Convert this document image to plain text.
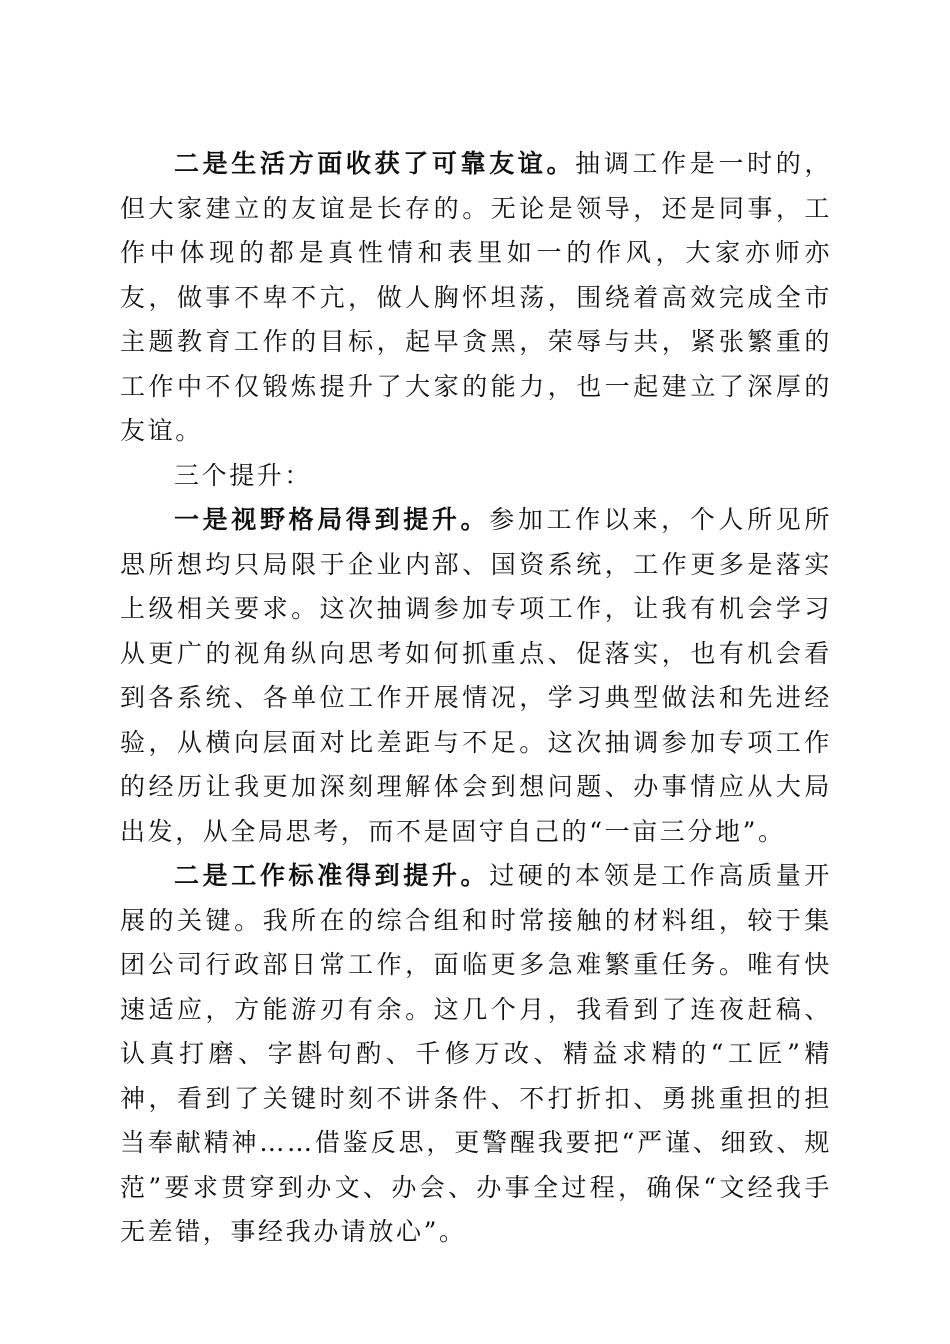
二是生活方面收获了可靠友谊。抽调工作是一时的，但大家建立的友谊是长存的。无论是领导，还是同事，工作中体现的都是真性情和表里如一的作风，大家亦师亦友，做事不卑不亢，做人胸怀坦荡，围绕着高效完成全市主题教育工作的目标，起早贪黑，荣辱与共，紧张繁重的工作中不仅锻炼提升了大家的能力，也一起建立了深厚的友谊。

三个提升：

一是视野格局得到提升。参加工作以来，个人所见所思所想均只局限于企业内部、国资系统，工作更多是落实上级相关要求。这次抽调参加专项工作，让我有机会学习从更广的视角纵向思考如何抓重点、促落实，也有机会看到各系统、各单位工作开展情况，学习典型做法和先进经验，从横向层面对比差距与不足。这次抽调参加专项工作的经历让我更加深刻理解体会到想问题、办事情应从大局出发，从全局思考，而不是固守自己的“一亩三分地”。

二是工作标准得到提升。过硬的本领是工作高质量开展的关键。我所在的综合组和时常接触的材料组，较于集团公司行政部日常工作，面临更多急难繁重任务。唯有快速适应，方能游刃有余。这几个月，我看到了连夜赶稿、认真打磨、字斟句酌、千修万改、精益求精的“工匠”精神，看到了关键时刻不讲条件、不打折扣、勇挑重担的担当奉献精神……借鉴反思，更警醒我要把“严谨、细致、规范”要求贯穿到办文、办会、办事全过程，确保“文经我手无差错，事经我办请放心”。
